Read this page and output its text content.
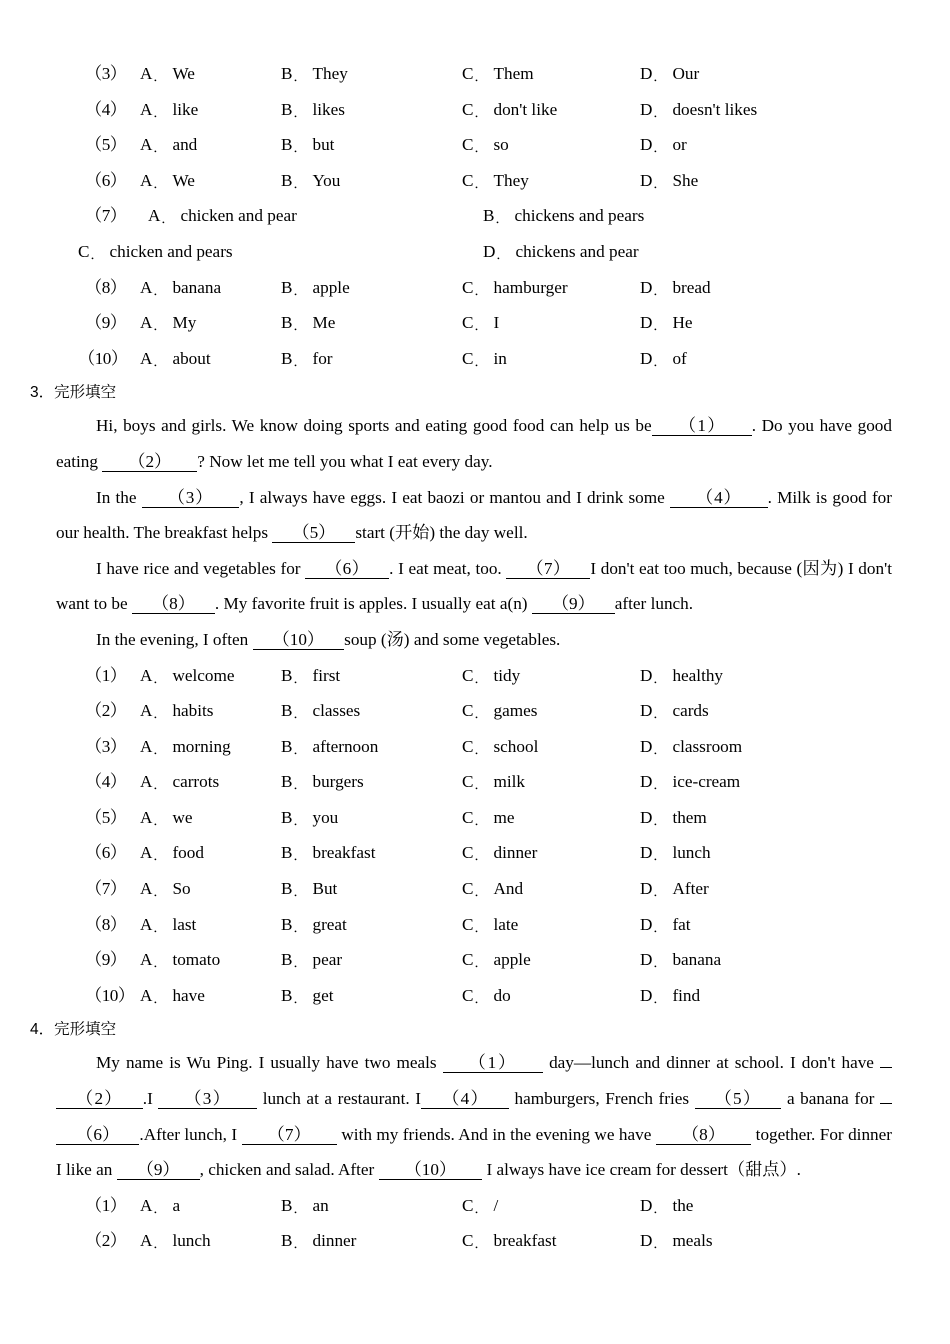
（3） A． We	B． They	C． Them	D． Our
（4） A． like	B． likes	C． don't like	D． doesn't likes
（5） A． and	B． but	C． so	D． or
（6） A． We	B． You	C． They	D． She
（7） A． chicken and pear	B． chickens and pears
C． chicken and pears	D． chickens and pear
（8） A． banana	B． apple	C． hamburger	D． bread
（9） A． My	B． Me	C． I	D． He
（10） A． about	B． for	C． in	D． of
3．完形填空

Hi, boys and girls. We know doing sports and eating good food can help us be （1） . Do you have good eating （2） ? Now let me tell you what I eat every day.

In the （3） , I always have eggs. I eat baozi or mantou and I drink some （4） . Milk is good for our health. The breakfast helps （5） start (开始) the day well.

I have rice and vegetables for （6） . I eat meat, too. （7） I don't eat too much, because (因为) I don't want to be （8） . My favorite fruit is apples. I usually eat a(n) （9） after lunch.

In the evening, I often （10） soup (汤) and some vegetables.

（1） A． welcome	B． first	C． tidy	D． healthy
（2） A． habits	B． classes	C． games	D． cards
（3） A． morning	B． afternoon	C． school	D． classroom
（4） A． carrots	B． burgers	C． milk	D． ice-cream
（5） A． we	B． you	C． me	D． them
（6） A． food	B． breakfast	C． dinner	D． lunch
（7） A． So	B． But	C． And	D． After
（8） A． last	B． great	C． late	D． fat
（9） A． tomato	B． pear	C． apple	D． banana
（10） A． have	B． get	C． do	D． find
4．完形填空

My name is Wu Ping. I usually have two meals （1） day—lunch and dinner at school. I don't have （2） .I （3） lunch at a restaurant. I （4） hamburgers, French fries （5） a banana for （6） .After lunch, I （7） with my friends. And in the evening we have （8） together. For dinner I like an （9） , chicken and salad. After （10） I always have ice cream for dessert（甜点）.

（1） A． a	B． an	C． /	D． the
（2） A． lunch	B． dinner	C． breakfast	D． meals
